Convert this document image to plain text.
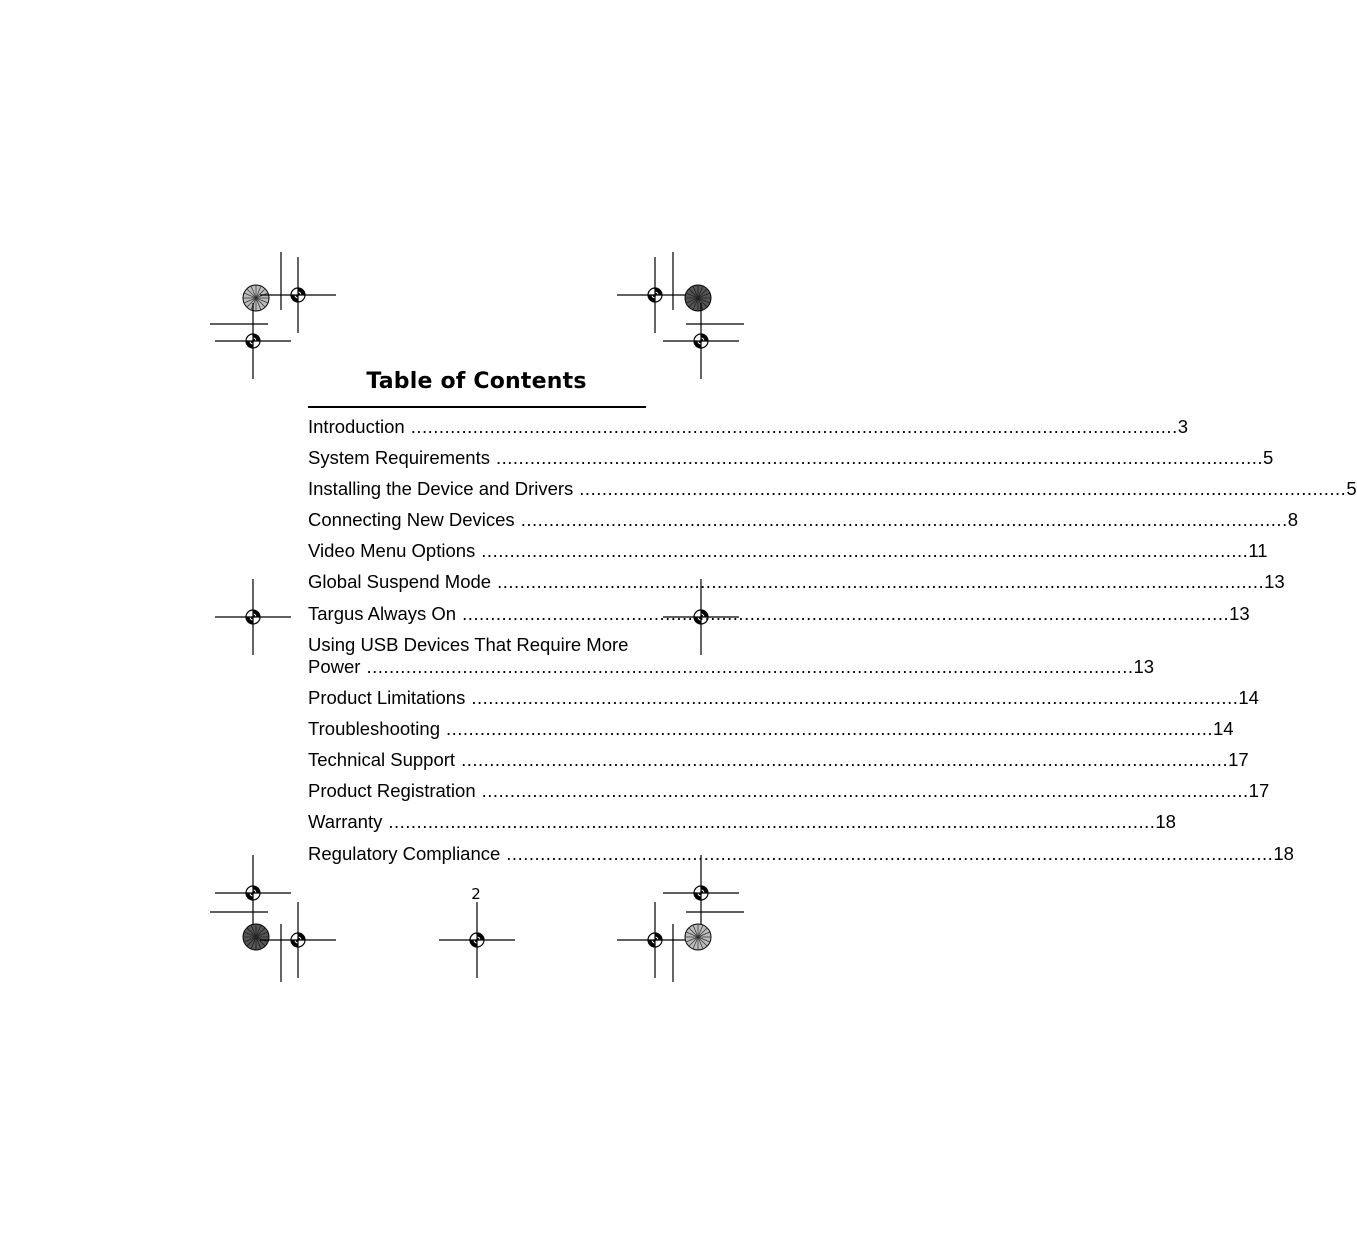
Table of Contents
Introduction ........................................................................................................................................ 3
System Requirements ........................................................................................................................................ 5
Installing the Device and Drivers ........................................................................................................................................ 5
Connecting New Devices ........................................................................................................................................ 8
Video Menu Options ........................................................................................................................................ 11
Global Suspend Mode ........................................................................................................................................ 13
Targus Always On ........................................................................................................................................ 13
Using USB Devices That Require More
Power ........................................................................................................................................ 13
Product Limitations ........................................................................................................................................ 14
Troubleshooting ........................................................................................................................................ 14
Technical Support ........................................................................................................................................ 17
Product Registration ........................................................................................................................................ 17
Warranty ........................................................................................................................................ 18
Regulatory Compliance ........................................................................................................................................ 18
2
